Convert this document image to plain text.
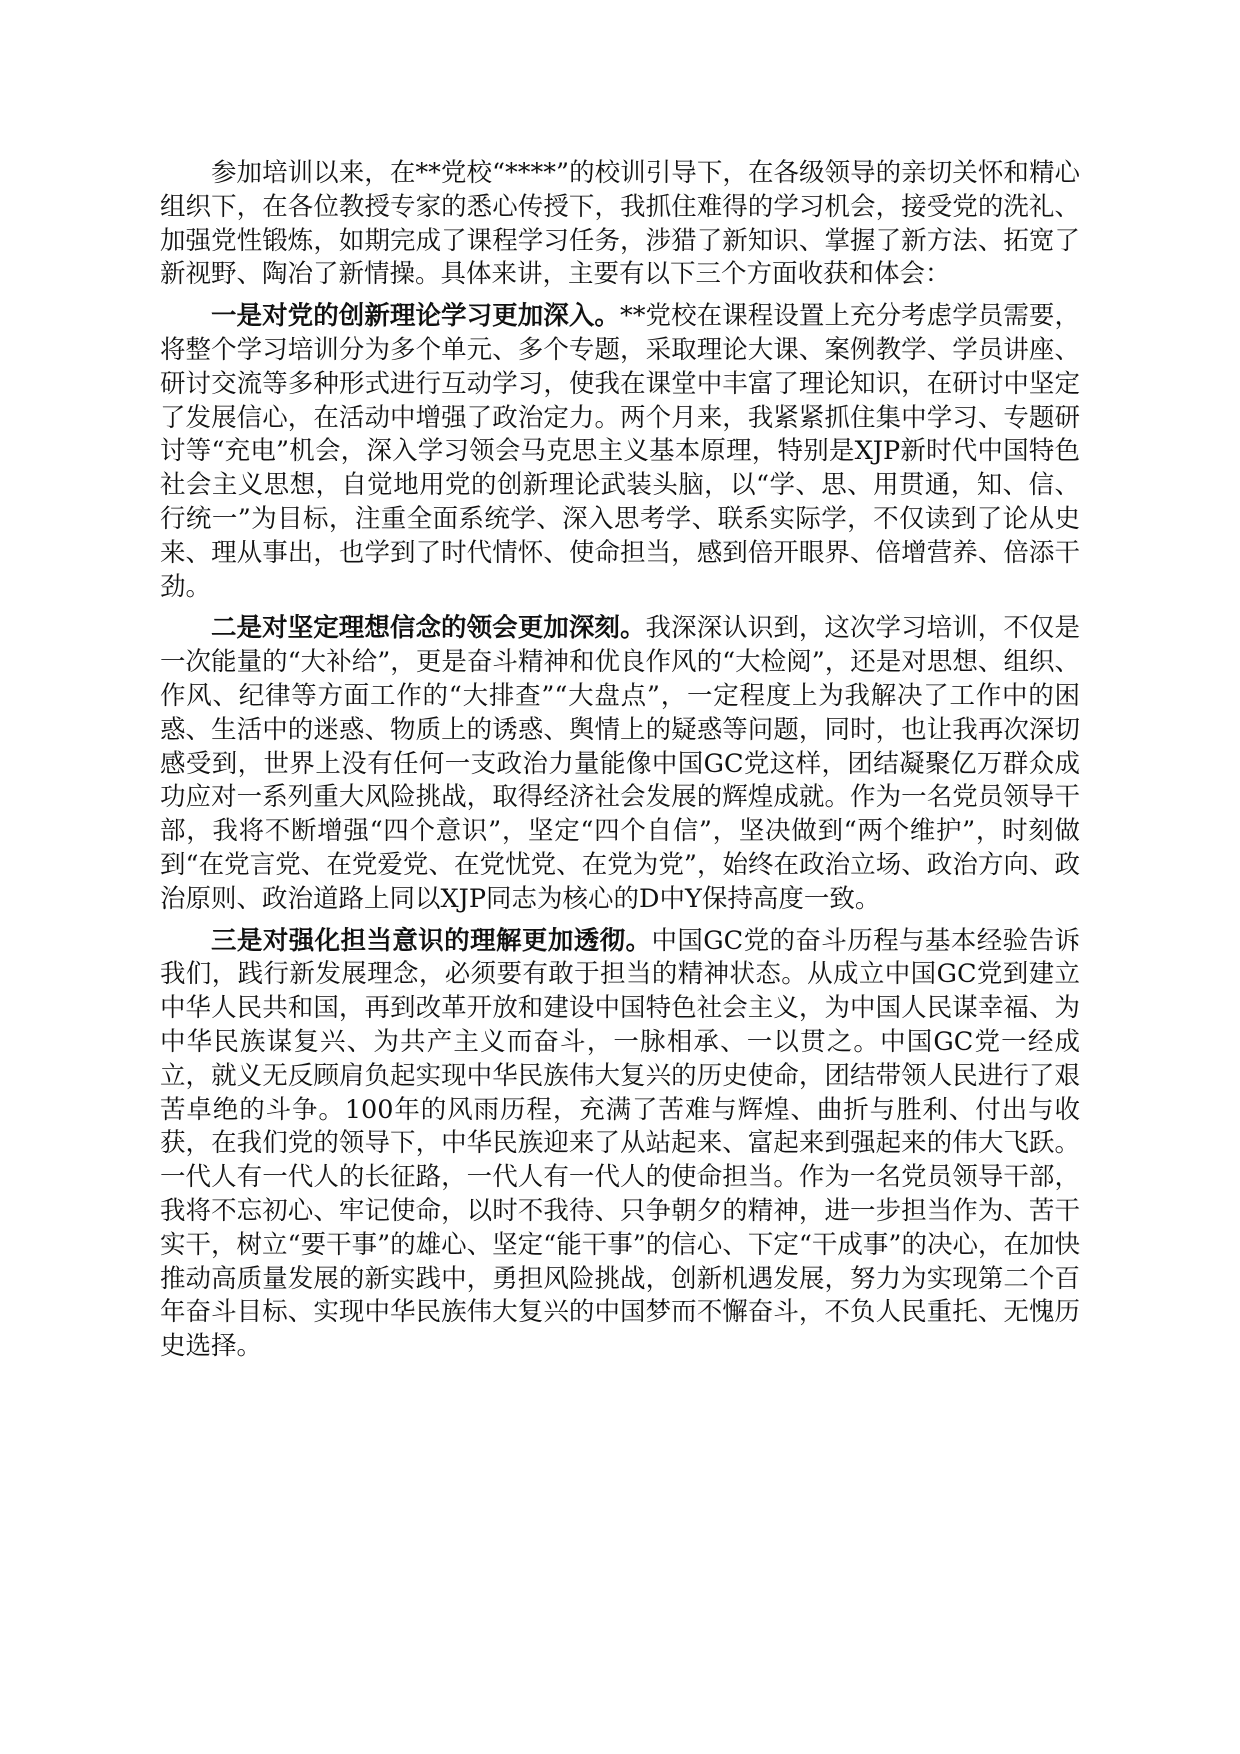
参加培训以来，在**党校“****”的校训引导下，在各级领导的亲切关怀和精心组织下，在各位教授专家的悉心传授下，我抓住难得的学习机会，接受党的洗礼、加强党性锻炼，如期完成了课程学习任务，涉猎了新知识、掌握了新方法、拓宽了新视野、陶冶了新情操。具体来讲，主要有以下三个方面收获和体会：

一是对党的创新理论学习更加深入。**党校在课程设置上充分考虑学员需要，将整个学习培训分为多个单元、多个专题，采取理论大课、案例教学、学员讲座、研讨交流等多种形式进行互动学习，使我在课堂中丰富了理论知识，在研讨中坚定了发展信心，在活动中增强了政治定力。两个月来，我紧紧抓住集中学习、专题研讨等“充电”机会，深入学习领会马克思主义基本原理，特别是XJP新时代中国特色社会主义思想，自觉地用党的创新理论武装头脑，以“学、思、用贯通，知、信、行统一”为目标，注重全面系统学、深入思考学、联系实际学，不仅读到了论从史来、理从事出，也学到了时代情怀、使命担当，感到倍开眼界、倍增营养、倍添干劲。

二是对坚定理想信念的领会更加深刻。我深深认识到，这次学习培训，不仅是一次能量的“大补给”，更是奋斗精神和优良作风的“大检阅”，还是对思想、组织、作风、纪律等方面工作的“大排查”“大盘点”，一定程度上为我解决了工作中的困惑、生活中的迷惑、物质上的诱惑、舆情上的疑惑等问题，同时，也让我再次深切感受到，世界上没有任何一支政治力量能像中国GC党这样，团结凝聚亿万群众成功应对一系列重大风险挑战，取得经济社会发展的辉煌成就。作为一名党员领导干部，我将不断增强“四个意识”，坚定“四个自信”，坚决做到“两个维护”，时刻做到“在党言党、在党爱党、在党忧党、在党为党”，始终在政治立场、政治方向、政治原则、政治道路上同以XJP同志为核心的D中Y保持高度一致。

三是对强化担当意识的理解更加透彻。中国GC党的奋斗历程与基本经验告诉我们，践行新发展理念，必须要有敢于担当的精神状态。从成立中国GC党到建立中华人民共和国，再到改革开放和建设中国特色社会主义，为中国人民谋幸福、为中华民族谋复兴、为共产主义而奋斗，一脉相承、一以贯之。中国GC党一经成立，就义无反顾肩负起实现中华民族伟大复兴的历史使命，团结带领人民进行了艰苦卓绝的斗争。100年的风雨历程，充满了苦难与辉煌、曲折与胜利、付出与收获，在我们党的领导下，中华民族迎来了从站起来、富起来到强起来的伟大飞跃。一代人有一代人的长征路，一代人有一代人的使命担当。作为一名党员领导干部，我将不忘初心、牢记使命，以时不我待、只争朝夕的精神，进一步担当作为、苦干实干，树立“要干事”的雄心、坚定“能干事”的信心、下定“干成事”的决心，在加快推动高质量发展的新实践中，勇担风险挑战，创新机遇发展，努力为实现第二个百年奋斗目标、实现中华民族伟大复兴的中国梦而不懈奋斗，不负人民重托、无愧历史选择。
